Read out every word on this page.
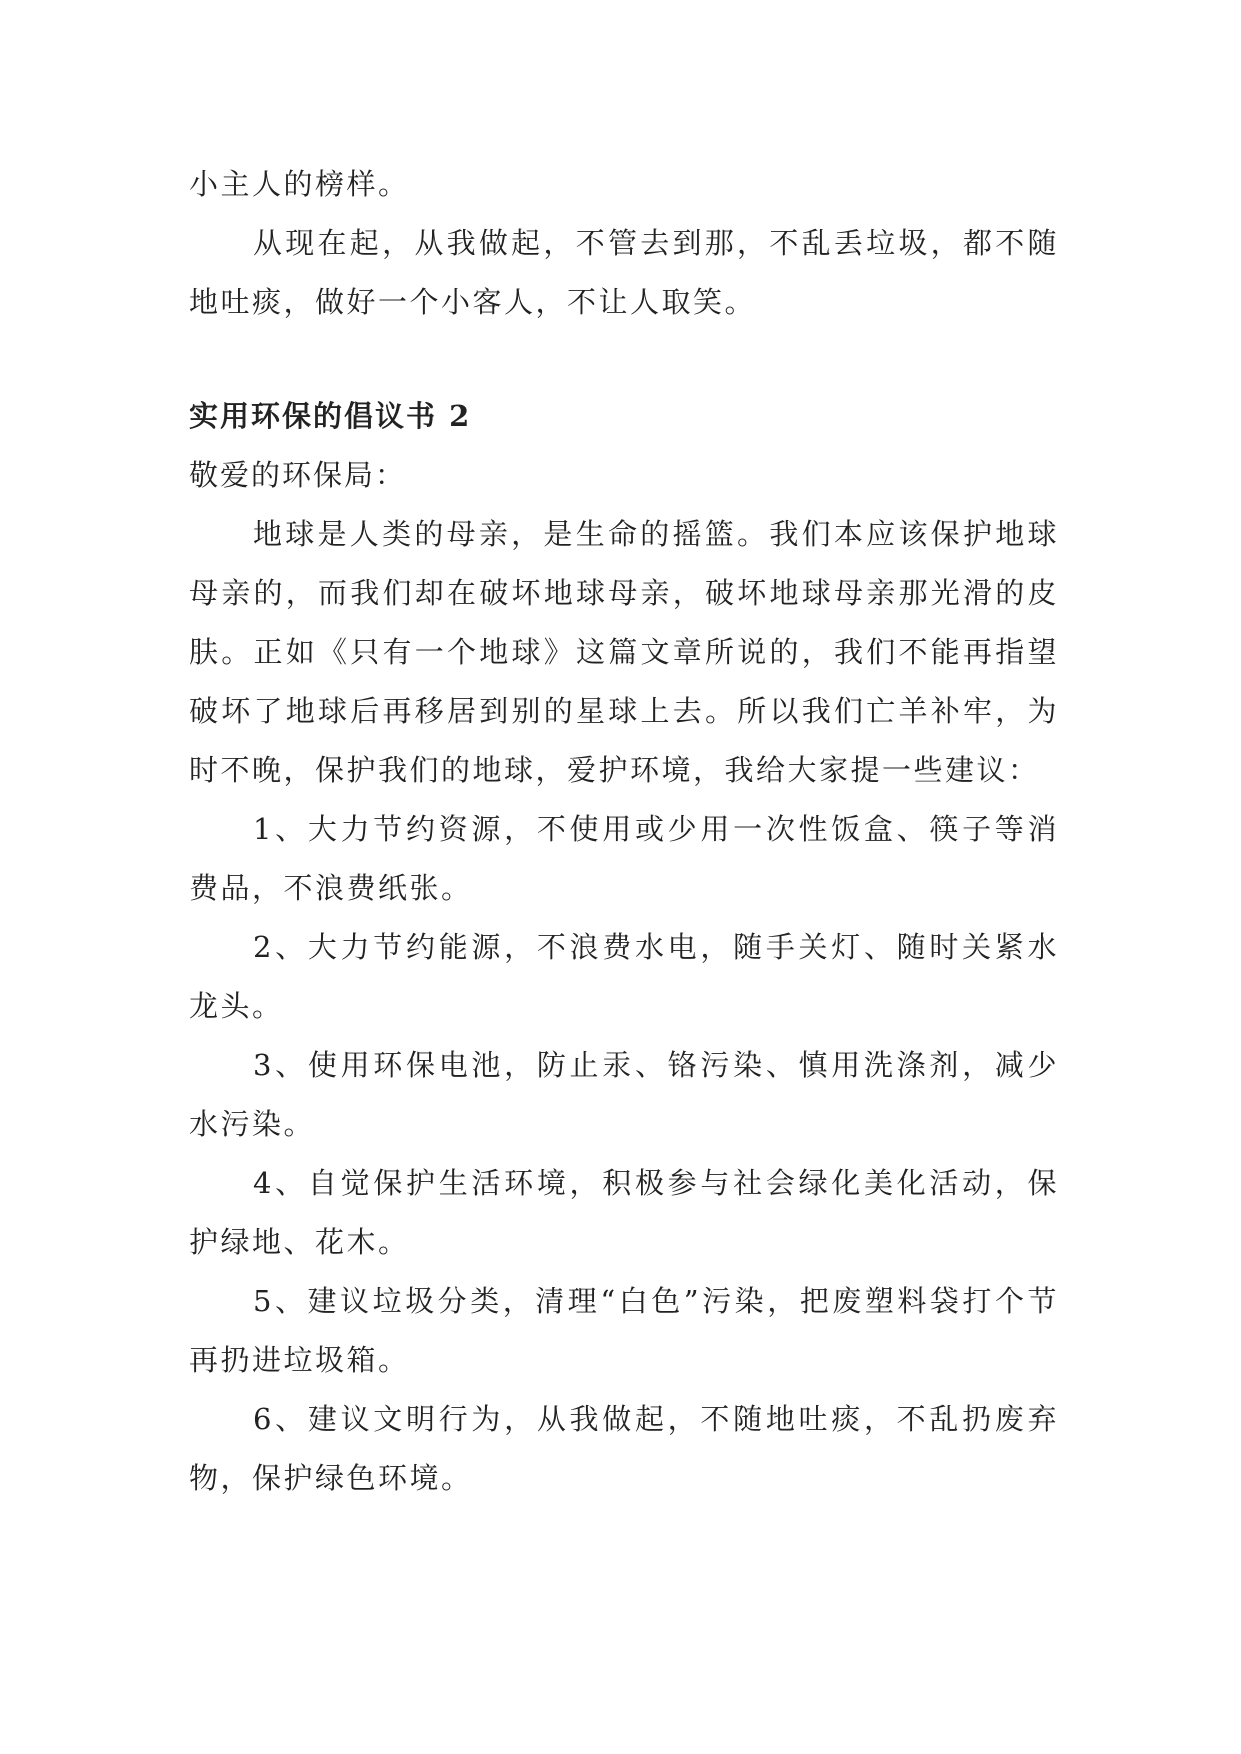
小主人的榜样。

从现在起，从我做起，不管去到那，不乱丢垃圾，都不随地吐痰，做好一个小客人，不让人取笑。

实用环保的倡议书 2

敬爱的环保局：

地球是人类的母亲，是生命的摇篮。我们本应该保护地球母亲的，而我们却在破坏地球母亲，破坏地球母亲那光滑的皮肤。正如《只有一个地球》这篇文章所说的，我们不能再指望破坏了地球后再移居到别的星球上去。所以我们亡羊补牢，为时不晚，保护我们的地球，爱护环境，我给大家提一些建议：

1、大力节约资源，不使用或少用一次性饭盒、筷子等消费品，不浪费纸张。

2、大力节约能源，不浪费水电，随手关灯、随时关紧水龙头。

3、使用环保电池，防止汞、铬污染、慎用洗涤剂，减少水污染。

4、自觉保护生活环境，积极参与社会绿化美化活动，保护绿地、花木。

5、建议垃圾分类，清理“白色”污染，把废塑料袋打个节再扔进垃圾箱。

6、建议文明行为，从我做起，不随地吐痰，不乱扔废弃物，保护绿色环境。
